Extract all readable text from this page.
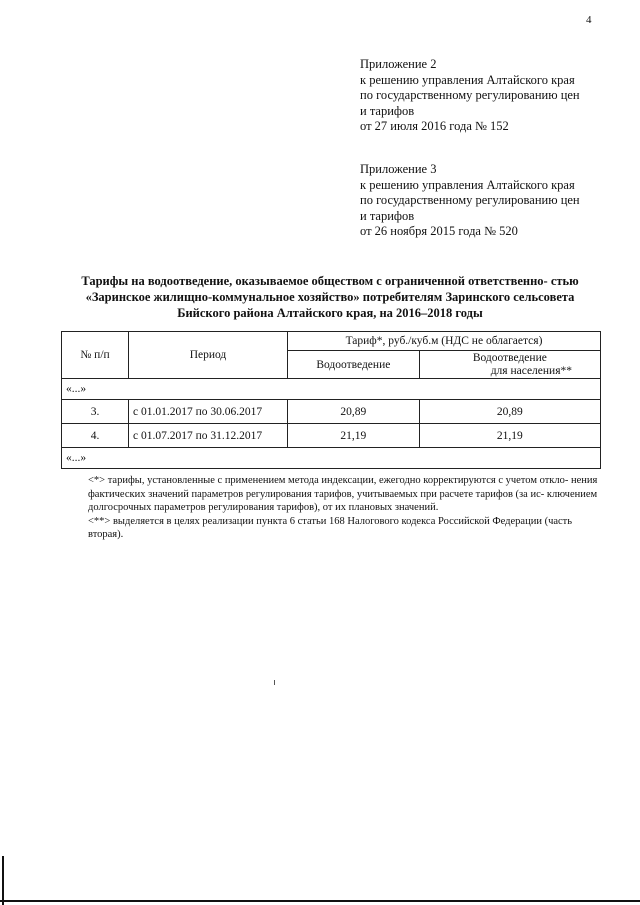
4
Приложение 2
к решению управления Алтайского края
по государственному регулированию цен
и тарифов
от 27 июля 2016 года № 152
Приложение 3
к решению управления Алтайского края
по государственному регулированию цен
и тарифов
от 26 ноября 2015 года № 520
Тарифы на водоотведение, оказываемое обществом с ограниченной ответственно- стью «Заринское жилищно-коммунальное хозяйство» потребителям Заринского сельсовета Бийского района Алтайского края, на 2016–2018 годы
№ п/п	Период	Тариф*, руб./куб.м (НДС не облагается)	
		Водоотведение	Водоотведение
для населения**

«...»			
3.	с 01.01.2017 по 30.06.2017	20,89	20,89
4.	с 01.07.2017 по 31.12.2017	21,19	21,19
«...»			

<*> тарифы, установленные с применением метода индексации, ежегодно корректируются с учетом откло- нения фактических значений параметров регулирования тарифов, учитываемых при расчете тарифов (за ис- ключением долгосрочных параметров регулирования тарифов), от их плановых значений.

<**> выделяется в целях реализации пункта 6 статьи 168 Налогового кодекса Российской Федерации (часть вторая).
